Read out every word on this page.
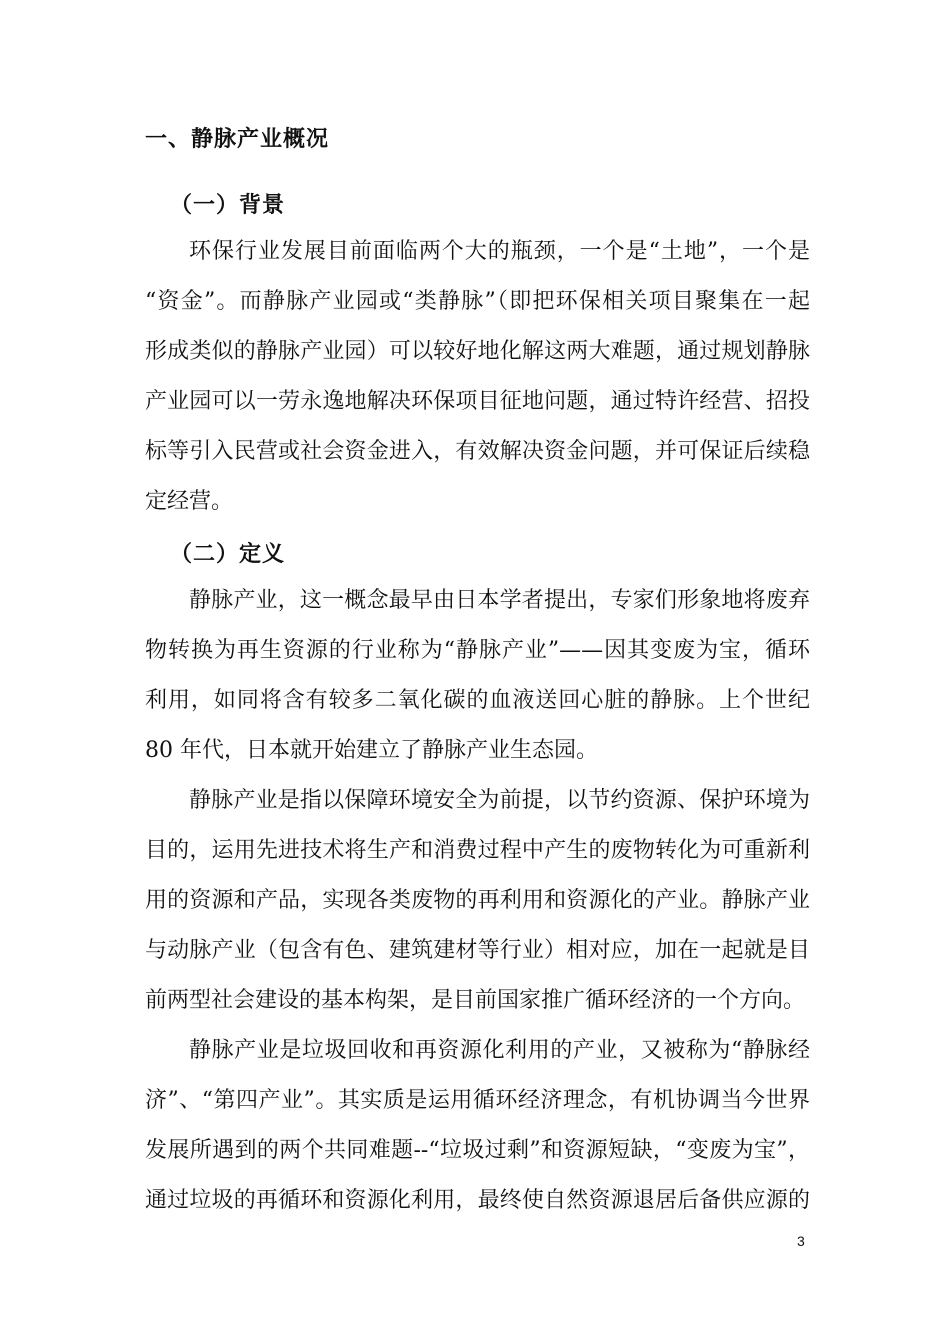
一、静脉产业概况
（一）背景
环保行业发展目前面临两个大的瓶颈，一个是“土地”，一个是
“资金”。而静脉产业园或“类静脉”（即把环保相关项目聚集在一起
形成类似的静脉产业园）可以较好地化解这两大难题，通过规划静脉
产业园可以一劳永逸地解决环保项目征地问题，通过特许经营、招投
标等引入民营或社会资金进入，有效解决资金问题，并可保证后续稳
定经营。
（二）定义
静脉产业，这一概念最早由日本学者提出，专家们形象地将废弃
物转换为再生资源的行业称为“静脉产业”——因其变废为宝，循环
利用，如同将含有较多二氧化碳的血液送回心脏的静脉。上个世纪
80 年代，日本就开始建立了静脉产业生态园。
静脉产业是指以保障环境安全为前提，以节约资源、保护环境为
目的，运用先进技术将生产和消费过程中产生的废物转化为可重新利
用的资源和产品，实现各类废物的再利用和资源化的产业。静脉产业
与动脉产业（包含有色、建筑建材等行业）相对应，加在一起就是目
前两型社会建设的基本构架，是目前国家推广循环经济的一个方向。
静脉产业是垃圾回收和再资源化利用的产业，又被称为“静脉经
济”、“第四产业”。其实质是运用循环经济理念，有机协调当今世界
发展所遇到的两个共同难题--“垃圾过剩”和资源短缺，“变废为宝”，
通过垃圾的再循环和资源化利用，最终使自然资源退居后备供应源的
3
